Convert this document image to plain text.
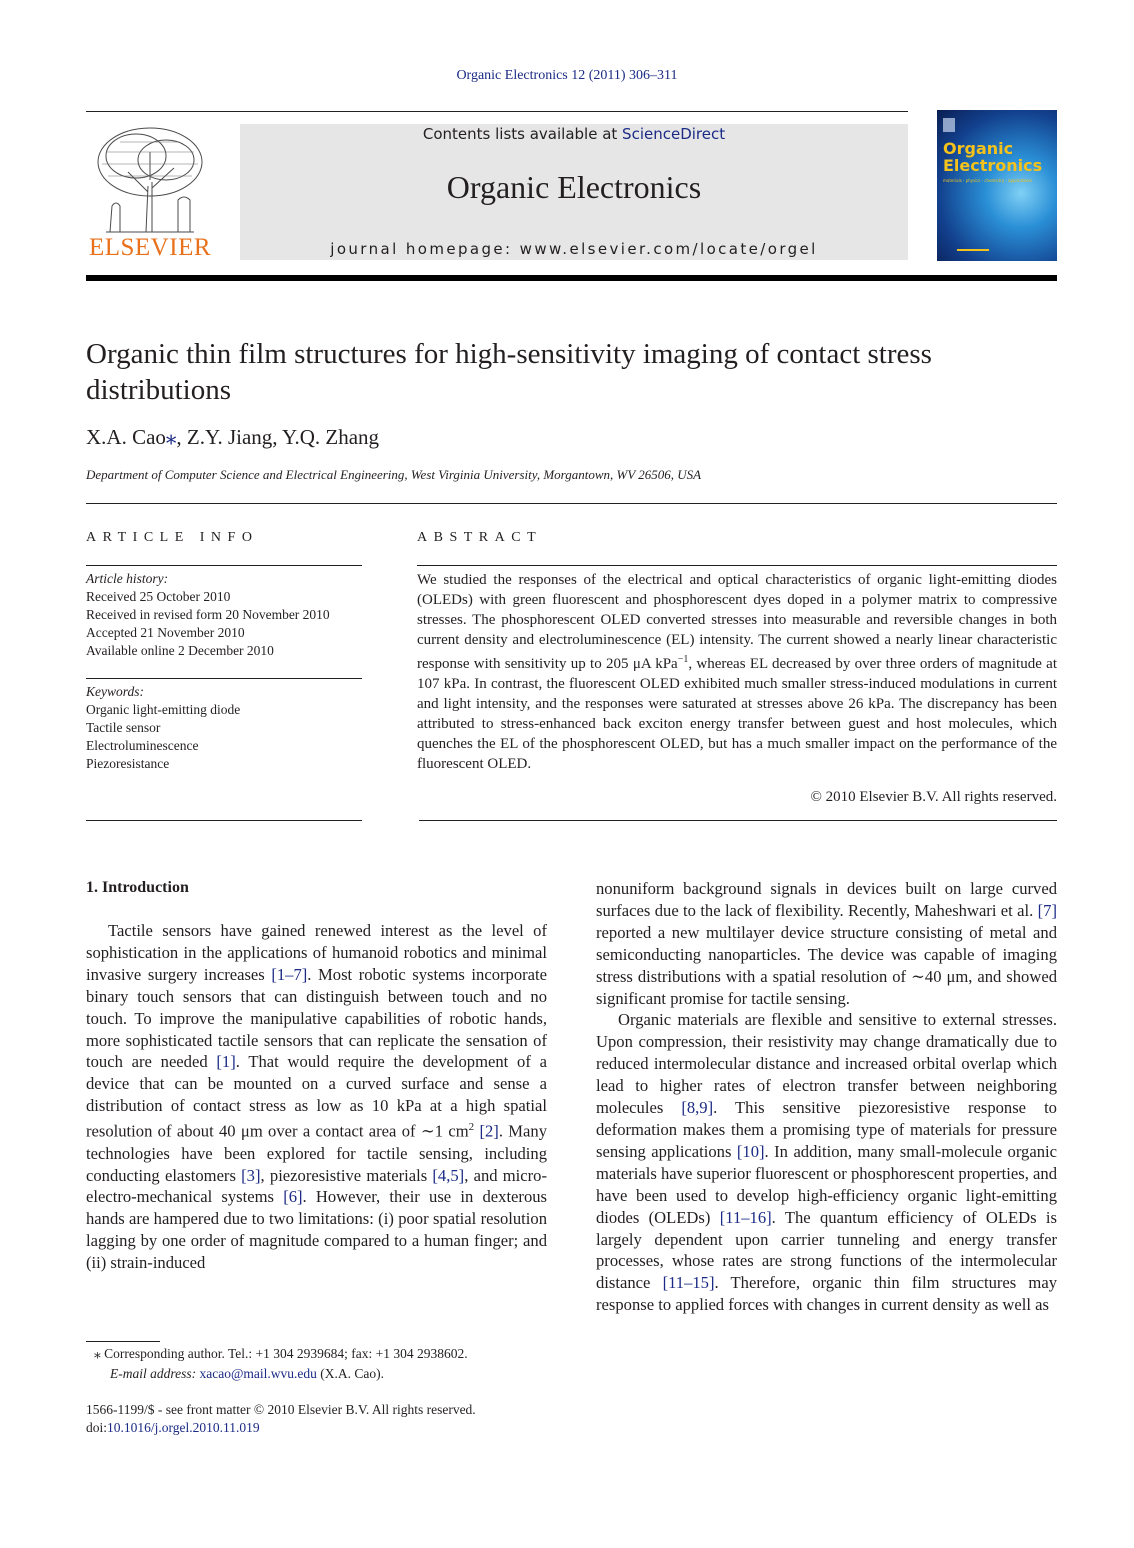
Organic Electronics 12 (2011) 306–311
ELSEVIER
Contents lists available at ScienceDirect
Organic Electronics
journal homepage: www.elsevier.com/locate/orgel
Organic
Electronics
materials · physics · chemistry · applications
Organic thin film structures for high-sensitivity imaging of contact stress distributions
X.A. Cao⁎, Z.Y. Jiang, Y.Q. Zhang
Department of Computer Science and Electrical Engineering, West Virginia University, Morgantown, WV 26506, USA
ARTICLE INFO
Article history:
Received 25 October 2010
Received in revised form 20 November 2010
Accepted 21 November 2010
Available online 2 December 2010
Keywords:
Organic light-emitting diode
Tactile sensor
Electroluminescence
Piezoresistance
ABSTRACT
We studied the responses of the electrical and optical characteristics of organic light-emitting diodes (OLEDs) with green fluorescent and phosphorescent dyes doped in a polymer matrix to compressive stresses. The phosphorescent OLED converted stresses into measurable and reversible changes in both current density and electroluminescence (EL) intensity. The current showed a nearly linear characteristic response with sensitivity up to 205 μA kPa$^{-1}$, whereas EL decreased by over three orders of magnitude at 107 kPa. In contrast, the fluorescent OLED exhibited much smaller stress-induced modulations in current and light intensity, and the responses were saturated at stresses above 26 kPa. The discrepancy has been attributed to stress-enhanced back exciton energy transfer between guest and host molecules, which quenches the EL of the phosphorescent OLED, but has a much smaller impact on the performance of the fluorescent OLED.
© 2010 Elsevier B.V. All rights reserved.
1. Introduction

Tactile sensors have gained renewed interest as the level of sophistication in the applications of humanoid robotics and minimal invasive surgery increases [1–7]. Most robotic systems incorporate binary touch sensors that can distinguish between touch and no touch. To improve the manipulative capabilities of robotic hands, more sophisticated tactile sensors that can replicate the sensation of touch are needed [1]. That would require the development of a device that can be mounted on a curved surface and sense a distribution of contact stress as low as 10 kPa at a high spatial resolution of about 40 μm over a contact area of ∼1 $cm^2$ [2]. Many technologies have been explored for tactile sensing, including conducting elastomers [3], piezoresistive materials [4,5], and micro-electro-mechanical systems [6]. However, their use in dexterous hands are hampered due to two limitations: (i) poor spatial resolution lagging by one order of magnitude compared to a human finger; and (ii) strain-induced

nonuniform background signals in devices built on large curved surfaces due to the lack of flexibility. Recently, Maheshwari et al. [7] reported a new multilayer device structure consisting of metal and semiconducting nanoparticles. The device was capable of imaging stress distributions with a spatial resolution of ∼40 μm, and showed significant promise for tactile sensing.

Organic materials are flexible and sensitive to external stresses. Upon compression, their resistivity may change dramatically due to reduced intermolecular distance and increased orbital overlap which lead to higher rates of electron transfer between neighboring molecules [8,9]. This sensitive piezoresistive response to deformation makes them a promising type of materials for pressure sensing applications [10]. In addition, many small-molecule organic materials have superior fluorescent or phosphorescent properties, and have been used to develop high-efficiency organic light-emitting diodes (OLEDs) [11–16]. The quantum efficiency of OLEDs is largely dependent upon carrier tunneling and energy transfer processes, whose rates are strong functions of the intermolecular distance [11–15]. Therefore, organic thin film structures may response to applied forces with changes in current density as well as

⁎ Corresponding author. Tel.: +1 304 2939684; fax: +1 304 2938602.
E-mail address: xacao@mail.wvu.edu (X.A. Cao).
1566-1199/$ - see front matter © 2010 Elsevier B.V. All rights reserved.
doi:10.1016/j.orgel.2010.11.019
